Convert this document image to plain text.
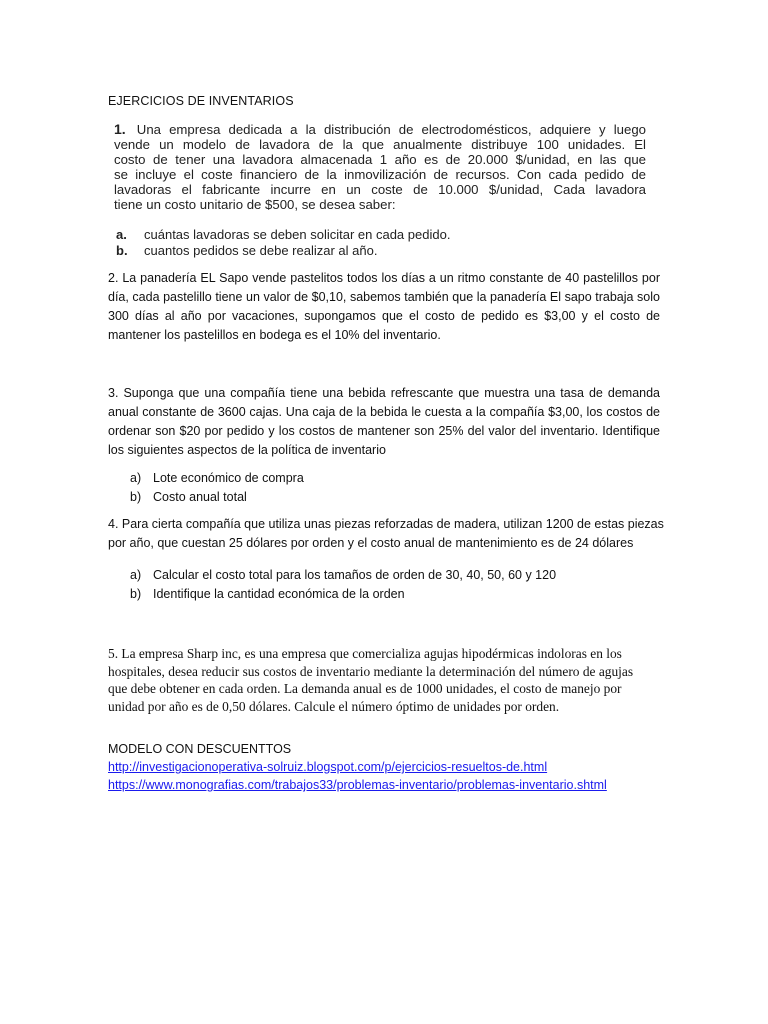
EJERCICIOS DE INVENTARIOS
1. Una empresa dedicada a la distribución de electrodomésticos, adquiere y luego
vende un modelo de lavadora de la que anualmente distribuye 100 unidades. El
costo de tener una lavadora almacenada 1 año es de 20.000 $/unidad, en las que
se incluye el coste financiero de la inmovilización de recursos. Con cada pedido de
lavadoras el fabricante incurre en un coste de 10.000 $/unidad, Cada lavadora
tiene un costo unitario de $500, se desea saber:
a. cuántas lavadoras se deben solicitar en cada pedido.
b. cuantos pedidos se debe realizar al año.
2. La panadería EL Sapo vende pastelitos todos los días a un ritmo constante de 40 pastelillos por
día, cada pastelillo tiene un valor de $0,10, sabemos también que la panadería El sapo trabaja solo
300 días al año por vacaciones, supongamos que el costo de pedido es $3,00 y el costo de
mantener los pastelillos en bodega es el 10% del inventario.
3. Suponga que una compañía tiene una bebida refrescante que muestra una tasa de demanda
anual constante de 3600 cajas. Una caja de la bebida le cuesta a la compañía $3,00, los costos de
ordenar son $20 por pedido y los costos de mantener son 25% del valor del inventario. Identifique
los siguientes aspectos de la política de inventario
a) Lote económico de compra
b) Costo anual total
4. Para cierta compañía que utiliza unas piezas reforzadas de madera, utilizan 1200 de estas piezas
por año, que cuestan 25 dólares por orden y el costo anual de mantenimiento es de 24 dólares
a) Calcular el costo total para los tamaños de orden de 30, 40, 50, 60 y 120
b) Identifique la cantidad económica de la orden
5. La empresa Sharp inc, es una empresa que comercializa agujas hipodérmicas indoloras en los
hospitales, desea reducir sus costos de inventario mediante la determinación del número de agujas
que debe obtener en cada orden. La demanda anual es de 1000 unidades, el costo de manejo por
unidad por año es de 0,50 dólares. Calcule el número óptimo de unidades por orden.
MODELO CON DESCUENTTOS
http://investigacionoperativa-solruiz.blogspot.com/p/ejercicios-resueltos-de.html
https://www.monografias.com/trabajos33/problemas-inventario/problemas-inventario.shtml
